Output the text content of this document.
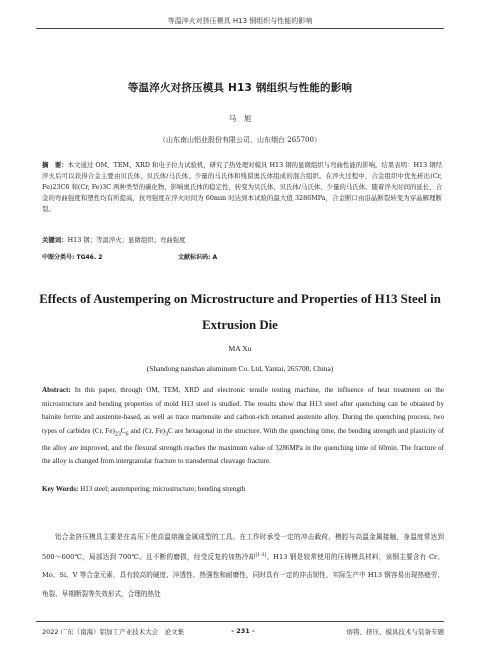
等温淬火对挤压模具 H13 钢组织与性能的影响
等温淬火对挤压模具 H13 钢组织与性能的影响
马　旭
（山东南山铝业股份有限公司，山东烟台 265700）
摘　要：本文通过 OM、TEM、XRD 和电子拉力试验机，研究了热处理对模具 H13 钢的显微组织与弯曲性能的影响。结果表明：H13 钢经淬火后可以获得合金主要由贝氏体、贝氏体/马氏体、少量的马氏体和残留奥氏体组成的混合组织。在淬火过程中，合金组织中优先析出(Cr, Fe)23C6 和(Cr, Fe)3C 两种类型的碳化物，影响奥氏体的稳定性，转变为贝氏体、贝氏体/马氏体、少量的马氏体。随着淬火时间的延长，合金的弯曲强度和塑性均有所提高，抗弯强度在淬火时间为 60min 时达到本试验的最大值 3286MPa，合金断口由沿晶断裂转变为穿晶解理断裂。
关键词：H13 钢；等温淬火；显微组织；弯曲强度
中图分类号: TG46. 2	文献标识码: A
Effects of Austempering on Microstructure and Properties of H13 Steel in Extrusion Die
MA Xu
(Shandong nanshan aluminum Co. Ltd, Yantai, 265700, China)
Abstract: In this paper, through OM, TEM, XRD and electronic tensile testing machine, the influence of heat treatment on the microstructure and bending properties of mold H13 steel is studied. The results show that H13 steel after quenching can be obtained by bainite ferrite and austenite-based, as well as trace martensite and carbon-rich retained austenite alloy. During the quenching process, two types of carbides (Cr, $Fe)_{23}C_6$ and (Cr, $Fe)_3C$ are hexagonal in the structure. With the quenching time, the bending strength and plasticity of the alloy are improved, and the flexural strength reaches the maximum value of 3286MPa in the quenching time of 60min. The fracture of the alloy is changed from intergranular fracture to transdermal cleavage fracture.
Key Words: H13 steel; austempering; microstructure; bending strength
铝合金挤压模具主要是在高压下使高温熔融金属成型的工具。在工作时承受一定的冲击载荷，模腔与高温金属接触，身温度常达到 500～600℃，局部达到 700℃。且不断的磨损，经受反复的加热冷却[1-3]。H13 钢是较常使用的压铸模具材料，该钢主要含有 Cr、Mo、Si、V 等合金元素，具有较高的硬度、淬透性、热强性和耐磨性，同时具有一定的冲击韧性，实际生产中 H13 钢容易出现热疲劳、龟裂、早期断裂等失效形式，合理的热处
2022 广东（南海）铝加工产业技术大会　论文集	- 231 -	熔铸、挤压、模具技术与装备专题
